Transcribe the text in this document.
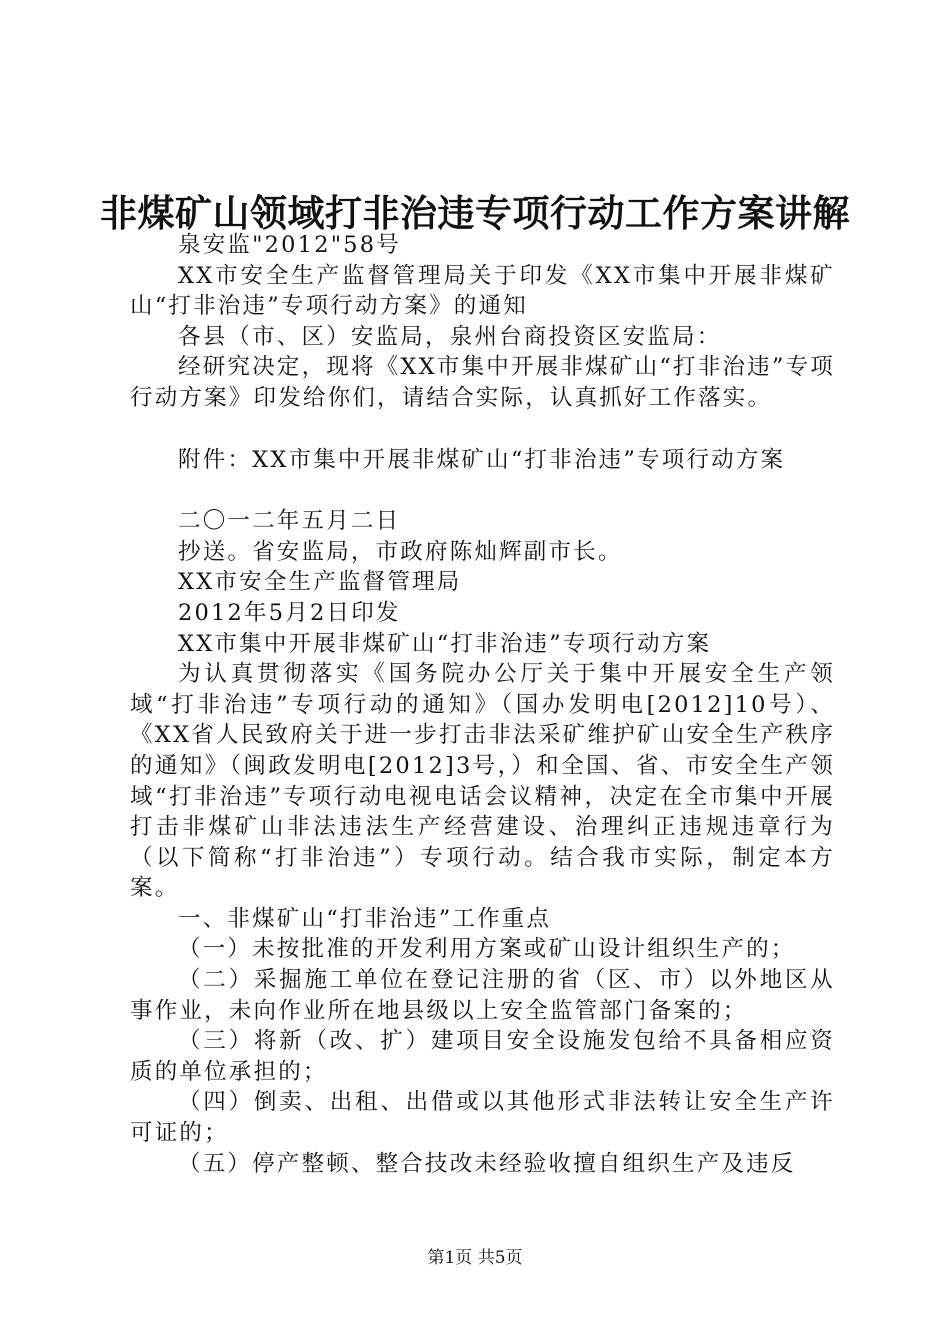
非煤矿山领域打非治违专项行动工作方案讲解

泉安监"2012"58号

XX市安全生产监督管理局关于印发《XX市集中开展非煤矿山“打非治违”专项行动方案》的通知

各县（市、区）安监局，泉州台商投资区安监局：

经研究决定，现将《XX市集中开展非煤矿山“打非治违”专项行动方案》印发给你们，请结合实际，认真抓好工作落实。

附件：XX市集中开展非煤矿山“打非治违”专项行动方案

二〇一二年五月二日

抄送。省安监局，市政府陈灿辉副市长。

XX市安全生产监督管理局

2012年5月2日印发

XX市集中开展非煤矿山“打非治违”专项行动方案

为认真贯彻落实《国务院办公厅关于集中开展安全生产领域“打非治违”专项行动的通知》（国办发明电[2012]10号）、《XX省人民致府关于进一步打击非法采矿维护矿山安全生产秩序的通知》（闽政发明电[2012]3号，）和全国、省、市安全生产领域“打非治违”专项行动电视电话会议精神，决定在全市集中开展打击非煤矿山非法违法生产经营建设、治理纠正违规违章行为（以下简称“打非治违”）专项行动。结合我市实际，制定本方案。

一、非煤矿山“打非治违”工作重点

（一）未按批准的开发利用方案或矿山设计组织生产的；

（二）采掘施工单位在登记注册的省（区、市）以外地区从事作业，未向作业所在地县级以上安全监管部门备案的；

（三）将新（改、扩）建项目安全设施发包给不具备相应资质的单位承担的；

（四）倒卖、出租、出借或以其他形式非法转让安全生产许可证的；

（五）停产整顿、整合技改未经验收擅自组织生产及违反

第1页 共5页
